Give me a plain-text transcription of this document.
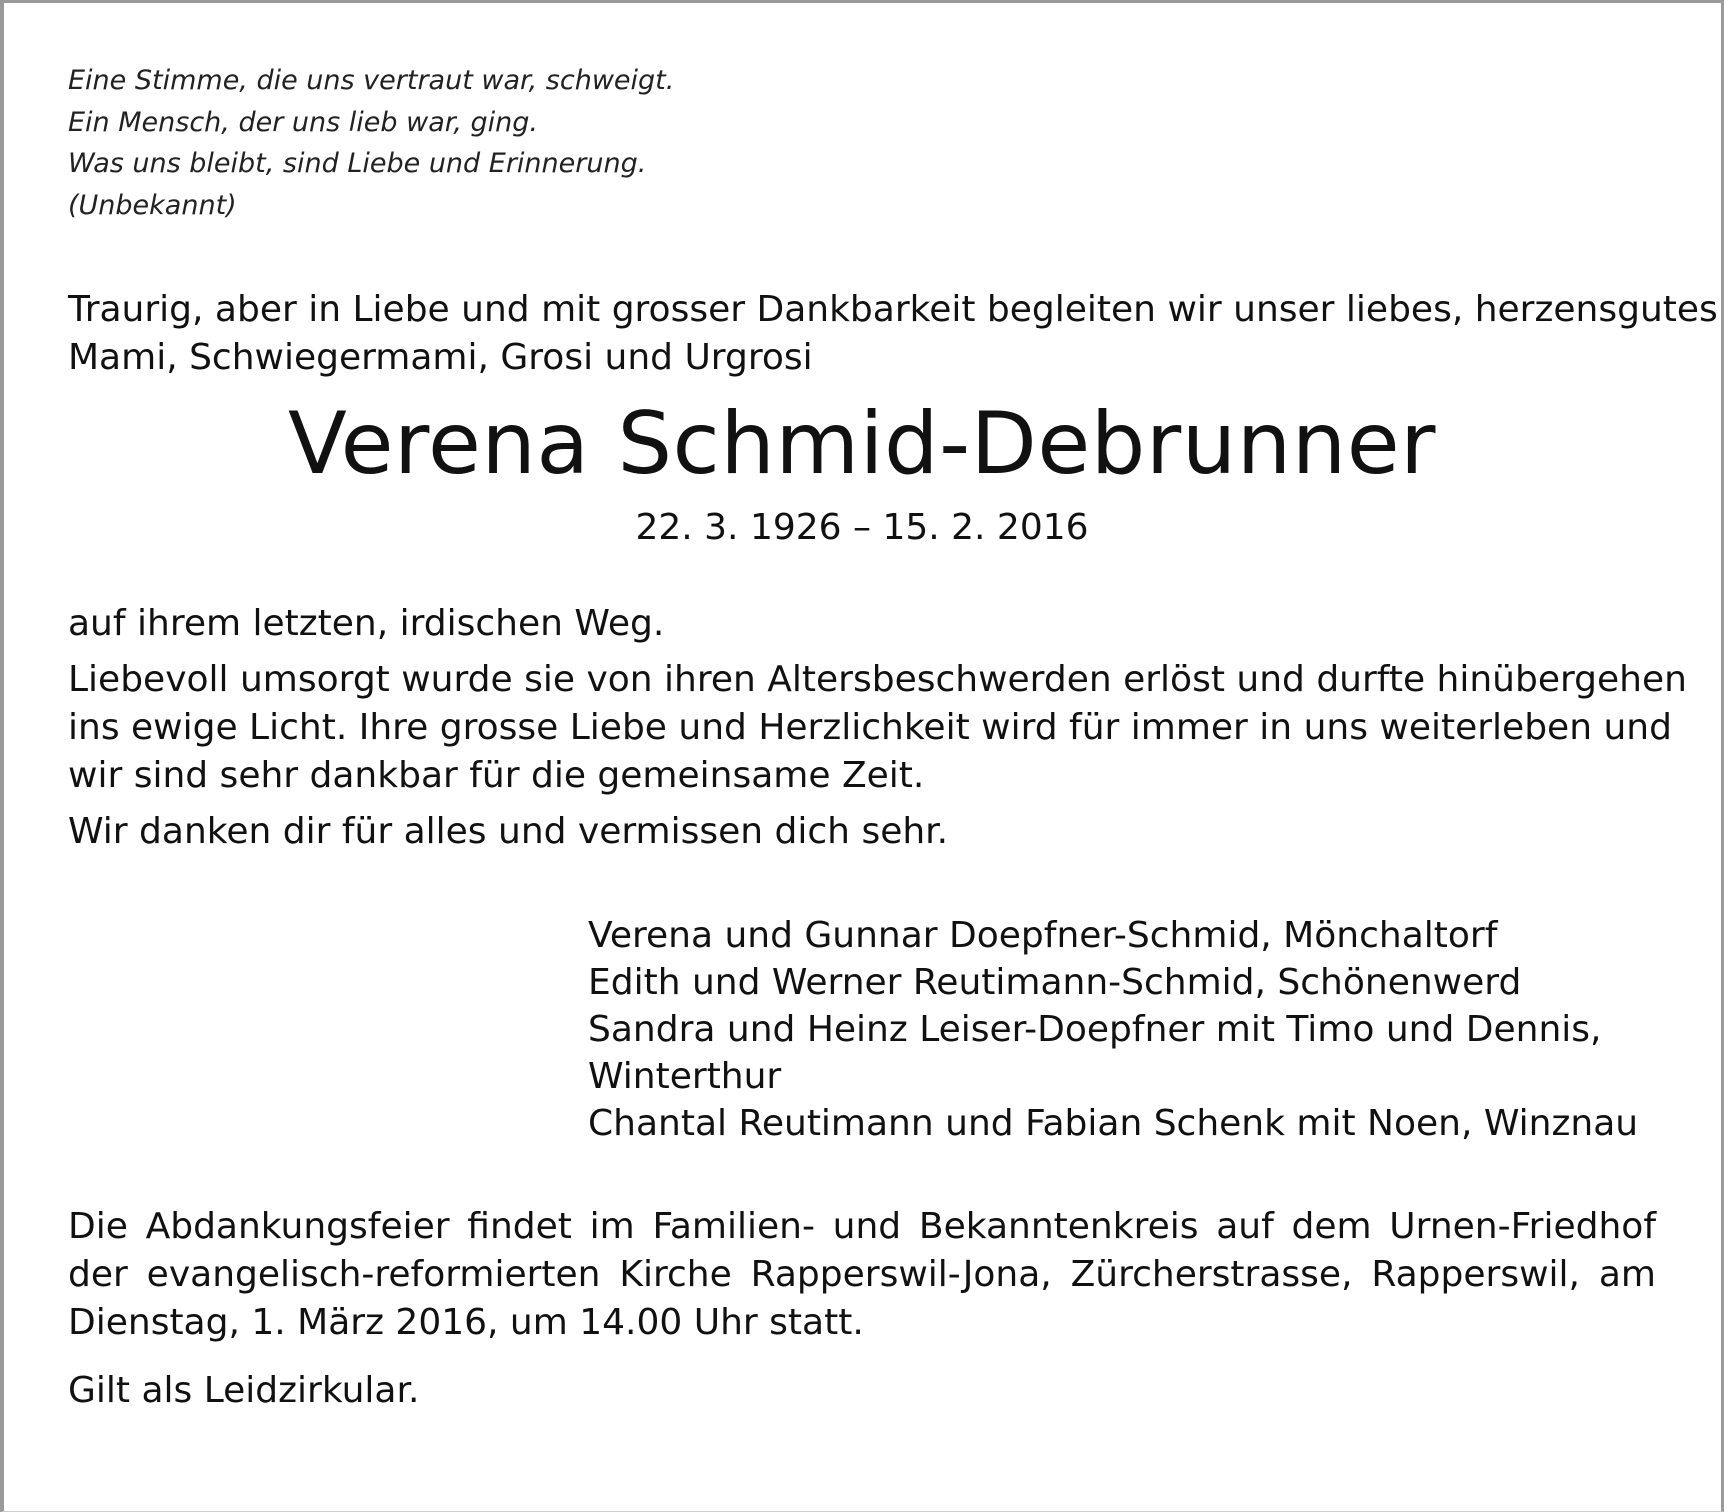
Eine Stimme, die uns vertraut war, schweigt.
Ein Mensch, der uns lieb war, ging.
Was uns bleibt, sind Liebe und Erinnerung.
(Unbekannt)
Traurig, aber in Liebe und mit grosser Dankbarkeit begleiten wir unser liebes, herzensgutes
Mami, Schwiegermami, Grosi und Urgrosi
Verena Schmid-Debrunner
22. 3. 1926 – 15. 2. 2016
auf ihrem letzten, irdischen Weg.
Liebevoll umsorgt wurde sie von ihren Altersbeschwerden erlöst und durfte hinübergehen
ins ewige Licht. Ihre grosse Liebe und Herzlichkeit wird für immer in uns weiterleben und
wir sind sehr dankbar für die gemeinsame Zeit.
Wir danken dir für alles und vermissen dich sehr.
Verena und Gunnar Doepfner-Schmid, Mönchaltorf
Edith und Werner Reutimann-Schmid, Schönenwerd
Sandra und Heinz Leiser-Doepfner mit Timo und Dennis,
Winterthur
Chantal Reutimann und Fabian Schenk mit Noen, Winznau
Die Abdankungsfeier findet im Familien- und Bekanntenkreis auf dem Urnen-Friedhof der evangelisch-reformierten Kirche Rapperswil-Jona, Zürcherstrasse, Rapperswil, am Dienstag, 1. März 2016, um 14.00 Uhr statt.
Gilt als Leidzirkular.
